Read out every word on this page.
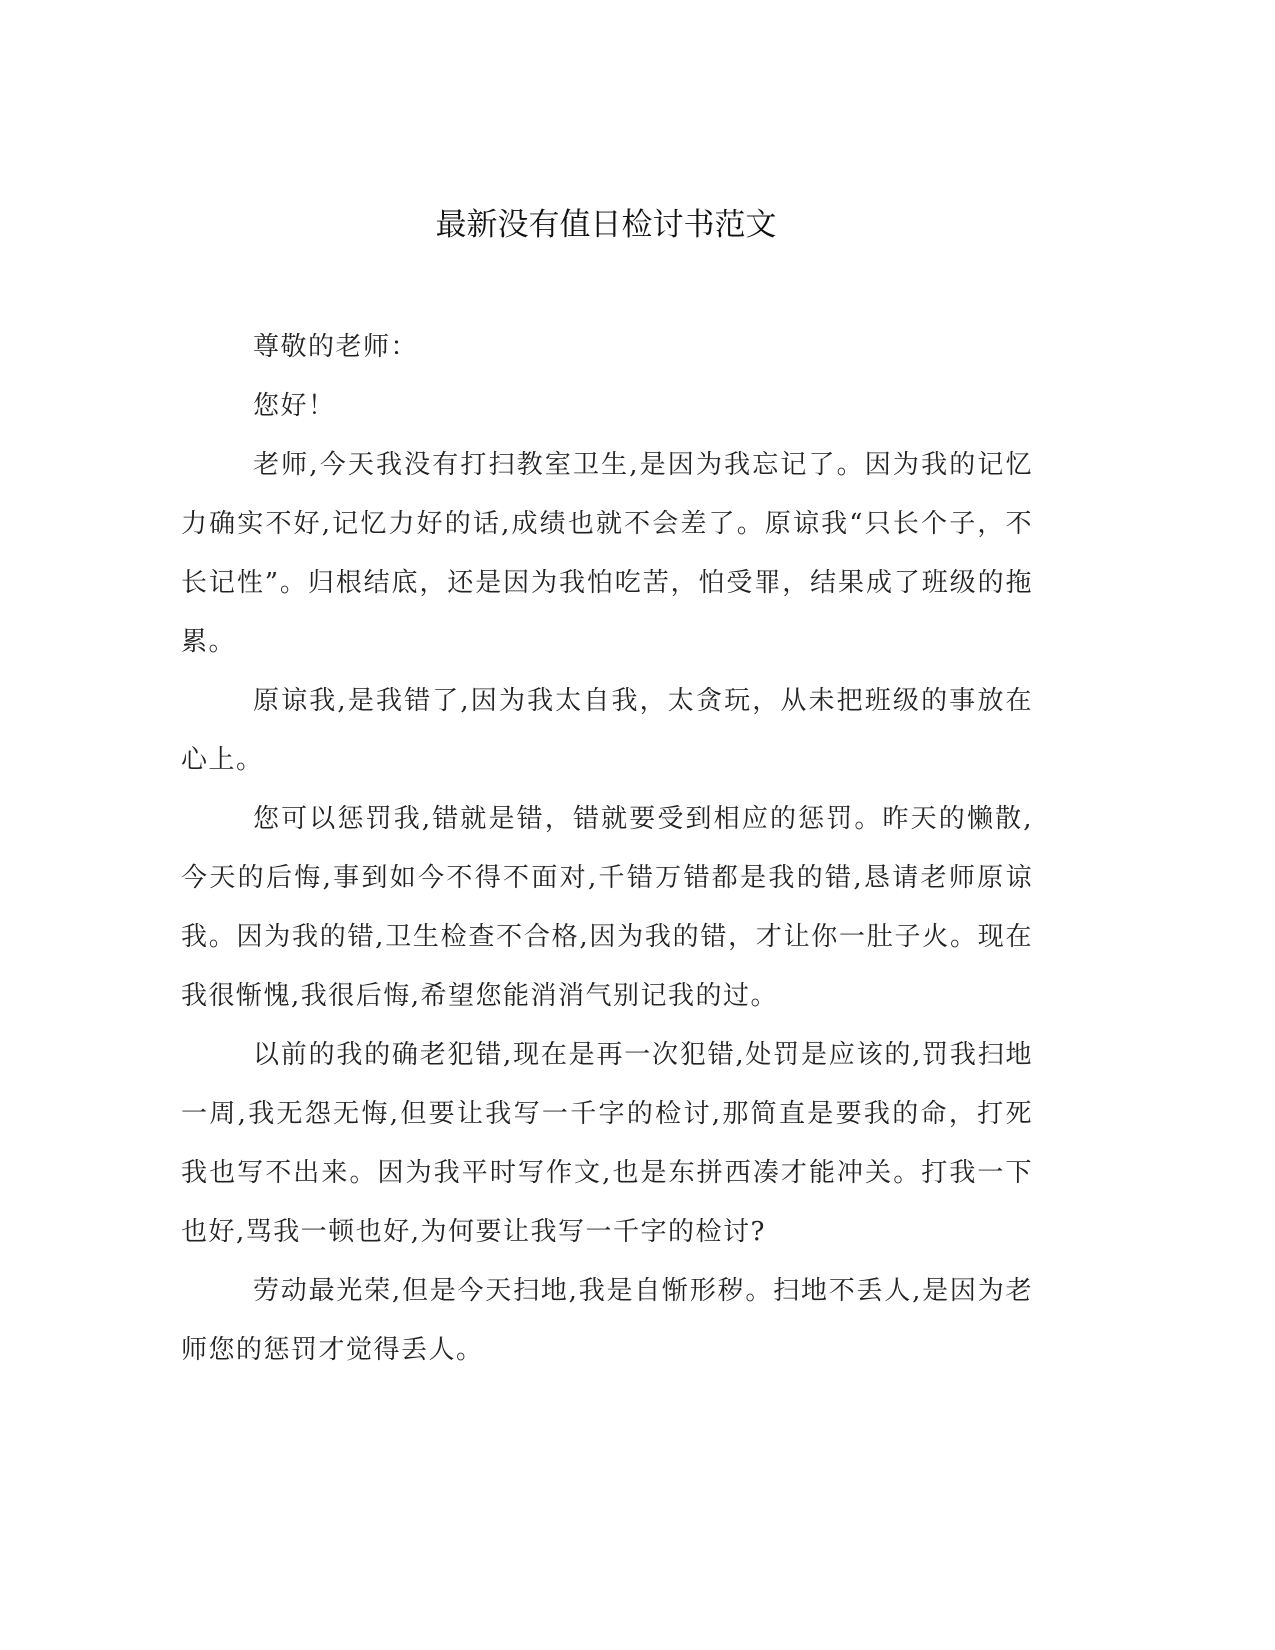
最新没有值日检讨书范文

尊敬的老师：

您好！

老师,今天我没有打扫教室卫生,是因为我忘记了。因为我的记忆力确实不好,记忆力好的话,成绩也就不会差了。原谅我“只长个子，不长记性”。归根结底，还是因为我怕吃苦，怕受罪，结果成了班级的拖累。

原谅我,是我错了,因为我太自我，太贪玩，从未把班级的事放在心上。

您可以惩罚我,错就是错，错就要受到相应的惩罚。昨天的懒散,今天的后悔,事到如今不得不面对,千错万错都是我的错,恳请老师原谅我。因为我的错,卫生检查不合格,因为我的错，才让你一肚子火。现在我很惭愧,我很后悔,希望您能消消气别记我的过。

以前的我的确老犯错,现在是再一次犯错,处罚是应该的,罚我扫地一周,我无怨无悔,但要让我写一千字的检讨,那简直是要我的命，打死我也写不出来。因为我平时写作文,也是东拼西凑才能冲关。打我一下也好,骂我一顿也好,为何要让我写一千字的检讨?

劳动最光荣,但是今天扫地,我是自惭形秽。扫地不丢人,是因为老师您的惩罚才觉得丢人。
